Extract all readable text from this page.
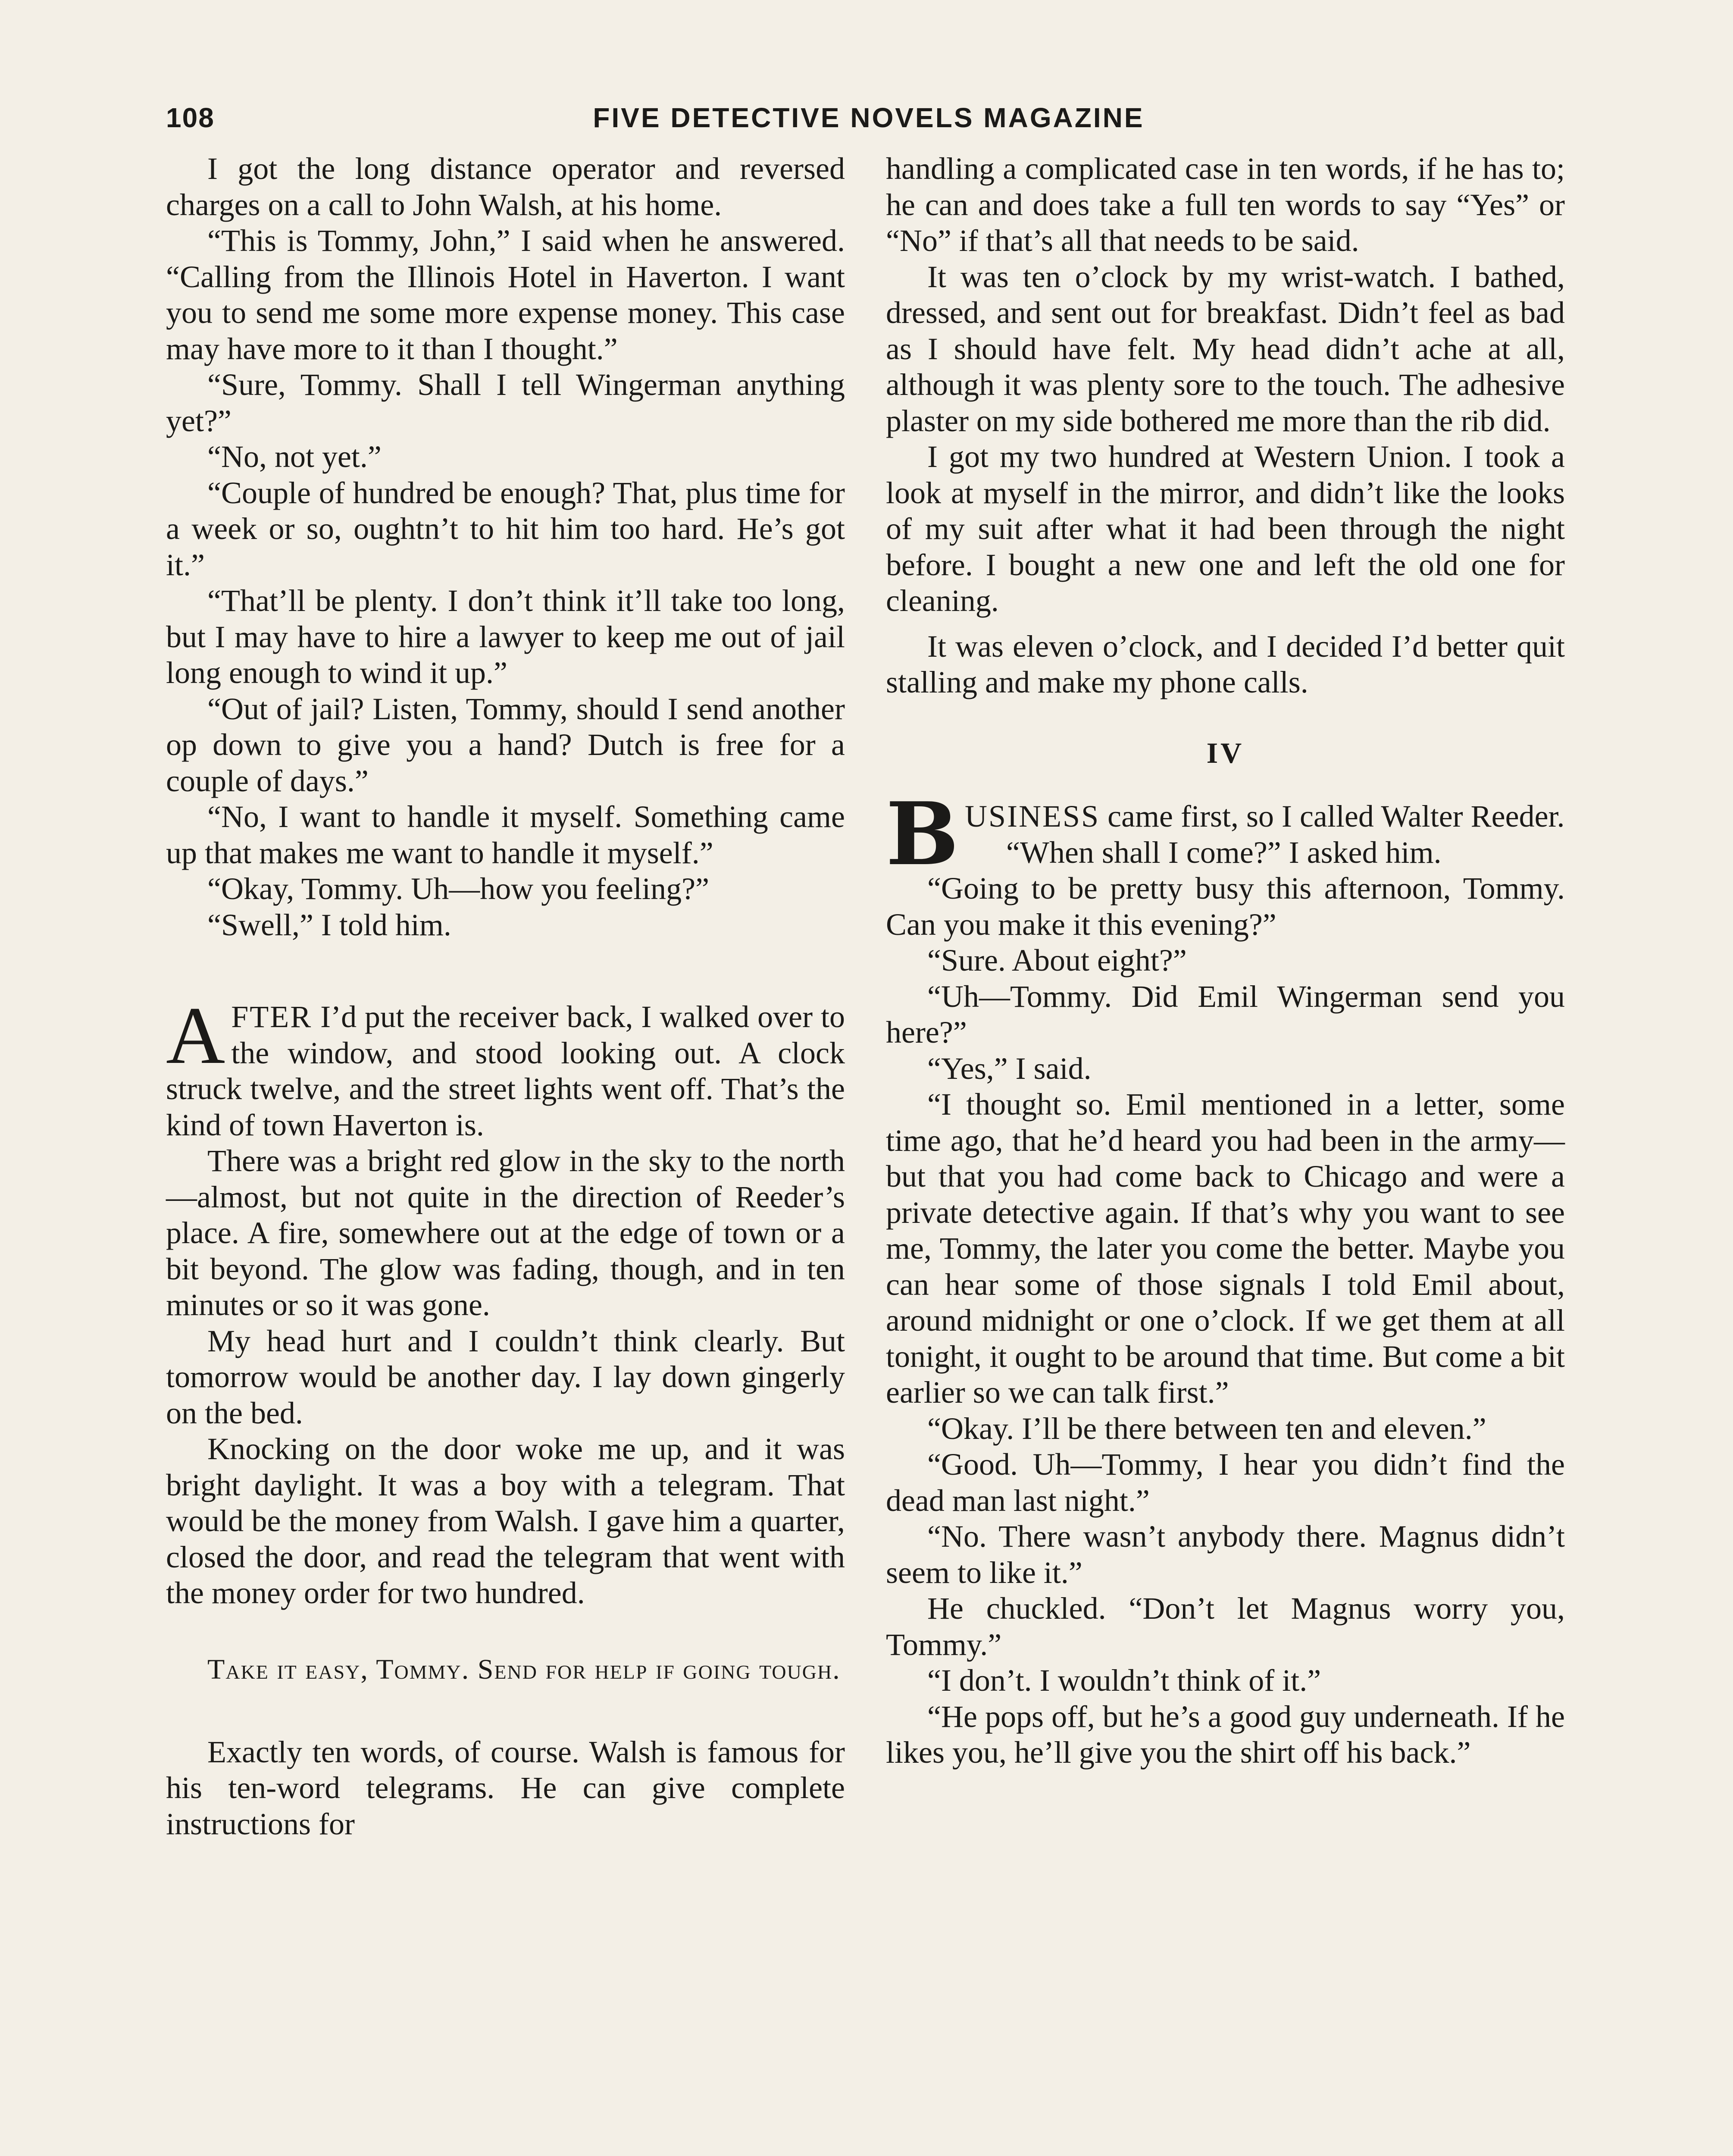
108	FIVE DETECTIVE NOVELS MAGAZINE

I got the long distance operator and reversed charges on a call to John Walsh, at his home.

“This is Tommy, John,” I said when he answered. “Calling from the Illinois Hotel in Haverton. I want you to send me some more expense money. This case may have more to it than I thought.”

“Sure, Tommy. Shall I tell Wingerman anything yet?”

“No, not yet.”

“Couple of hundred be enough? That, plus time for a week or so, oughtn’t to hit him too hard. He’s got it.”

“That’ll be plenty. I don’t think it’ll take too long, but I may have to hire a lawyer to keep me out of jail long enough to wind it up.”

“Out of jail? Listen, Tommy, should I send another op down to give you a hand? Dutch is free for a couple of days.”

“No, I want to handle it myself. Something came up that makes me want to handle it myself.”

“Okay, Tommy. Uh—how you feeling?”

“Swell,” I told him.

AFTER I’d put the receiver back, I walked over to the window, and stood looking out. A clock struck twelve, and the street lights went off. That’s the kind of town Haverton is.

There was a bright red glow in the sky to the north—almost, but not quite in the direction of Reeder’s place. A fire, somewhere out at the edge of town or a bit beyond. The glow was fading, though, and in ten minutes or so it was gone.

My head hurt and I couldn’t think clearly. But tomorrow would be another day. I lay down gingerly on the bed.

Knocking on the door woke me up, and it was bright daylight. It was a boy with a telegram. That would be the money from Walsh. I gave him a quarter, closed the door, and read the telegram that went with the money order for two hundred.

Take it easy, Tommy. Send for help if going tough.

Exactly ten words, of course. Walsh is famous for his ten-word telegrams. He can give complete instructions for

handling a complicated case in ten words, if he has to; he can and does take a full ten words to say “Yes” or “No” if that’s all that needs to be said.

It was ten o’clock by my wrist-watch. I bathed, dressed, and sent out for breakfast. Didn’t feel as bad as I should have felt. My head didn’t ache at all, although it was plenty sore to the touch. The adhesive plaster on my side bothered me more than the rib did.

I got my two hundred at Western Union. I took a look at myself in the mirror, and didn’t like the looks of my suit after what it had been through the night before. I bought a new one and left the old one for cleaning.

It was eleven o’clock, and I decided I’d better quit stalling and make my phone calls.

IV

BUSINESS came first, so I called Walter Reeder.

“When shall I come?” I asked him.

“Going to be pretty busy this afternoon, Tommy. Can you make it this evening?”

“Sure. About eight?”

“Uh—Tommy. Did Emil Wingerman send you here?”

“Yes,” I said.

“I thought so. Emil mentioned in a letter, some time ago, that he’d heard you had been in the army—but that you had come back to Chicago and were a private detective again. If that’s why you want to see me, Tommy, the later you come the better. Maybe you can hear some of those signals I told Emil about, around midnight or one o’clock. If we get them at all tonight, it ought to be around that time. But come a bit earlier so we can talk first.”

“Okay. I’ll be there between ten and eleven.”

“Good. Uh—Tommy, I hear you didn’t find the dead man last night.”

“No. There wasn’t anybody there. Magnus didn’t seem to like it.”

He chuckled. “Don’t let Magnus worry you, Tommy.”

“I don’t. I wouldn’t think of it.”

“He pops off, but he’s a good guy underneath. If he likes you, he’ll give you the shirt off his back.”
